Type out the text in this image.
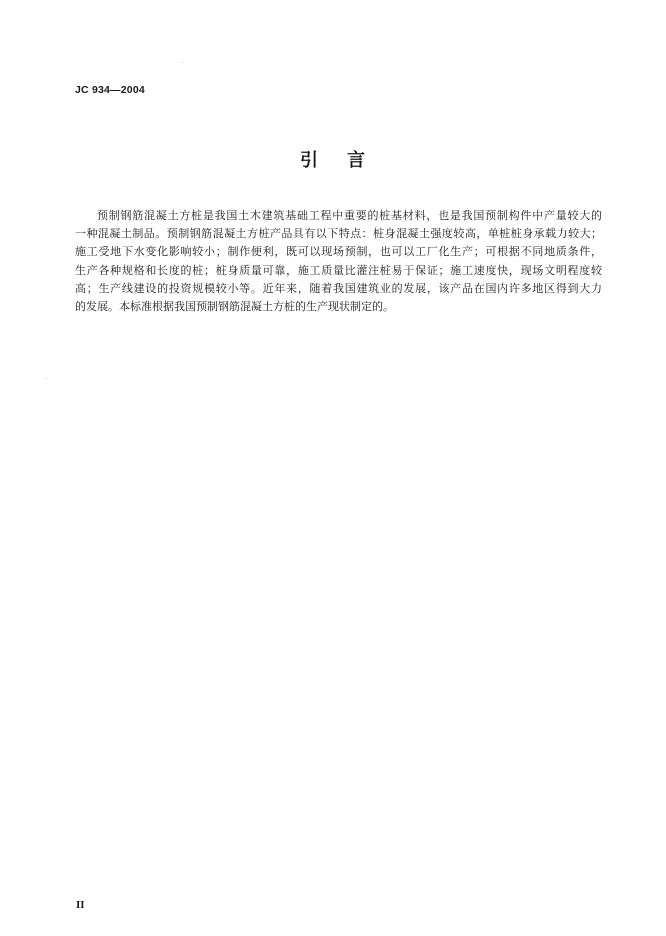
JC 934—2004
引 言
预制钢筋混凝土方桩是我国土木建筑基础工程中重要的桩基材料，也是我国预制构件中产量较大的
一种混凝土制品。预制钢筋混凝土方桩产品具有以下特点：桩身混凝土强度较高，单桩桩身承载力较大；
施工受地下水变化影响较小；制作便利，既可以现场预制，也可以工厂化生产；可根据不同地质条件，
生产各种规格和长度的桩；桩身质量可靠，施工质量比灌注桩易于保证；施工速度快，现场文明程度较
高；生产线建设的投资规模较小等。近年来，随着我国建筑业的发展，该产品在国内许多地区得到大力
的发展。本标准根据我国预制钢筋混凝土方桩的生产现状制定的。
II
